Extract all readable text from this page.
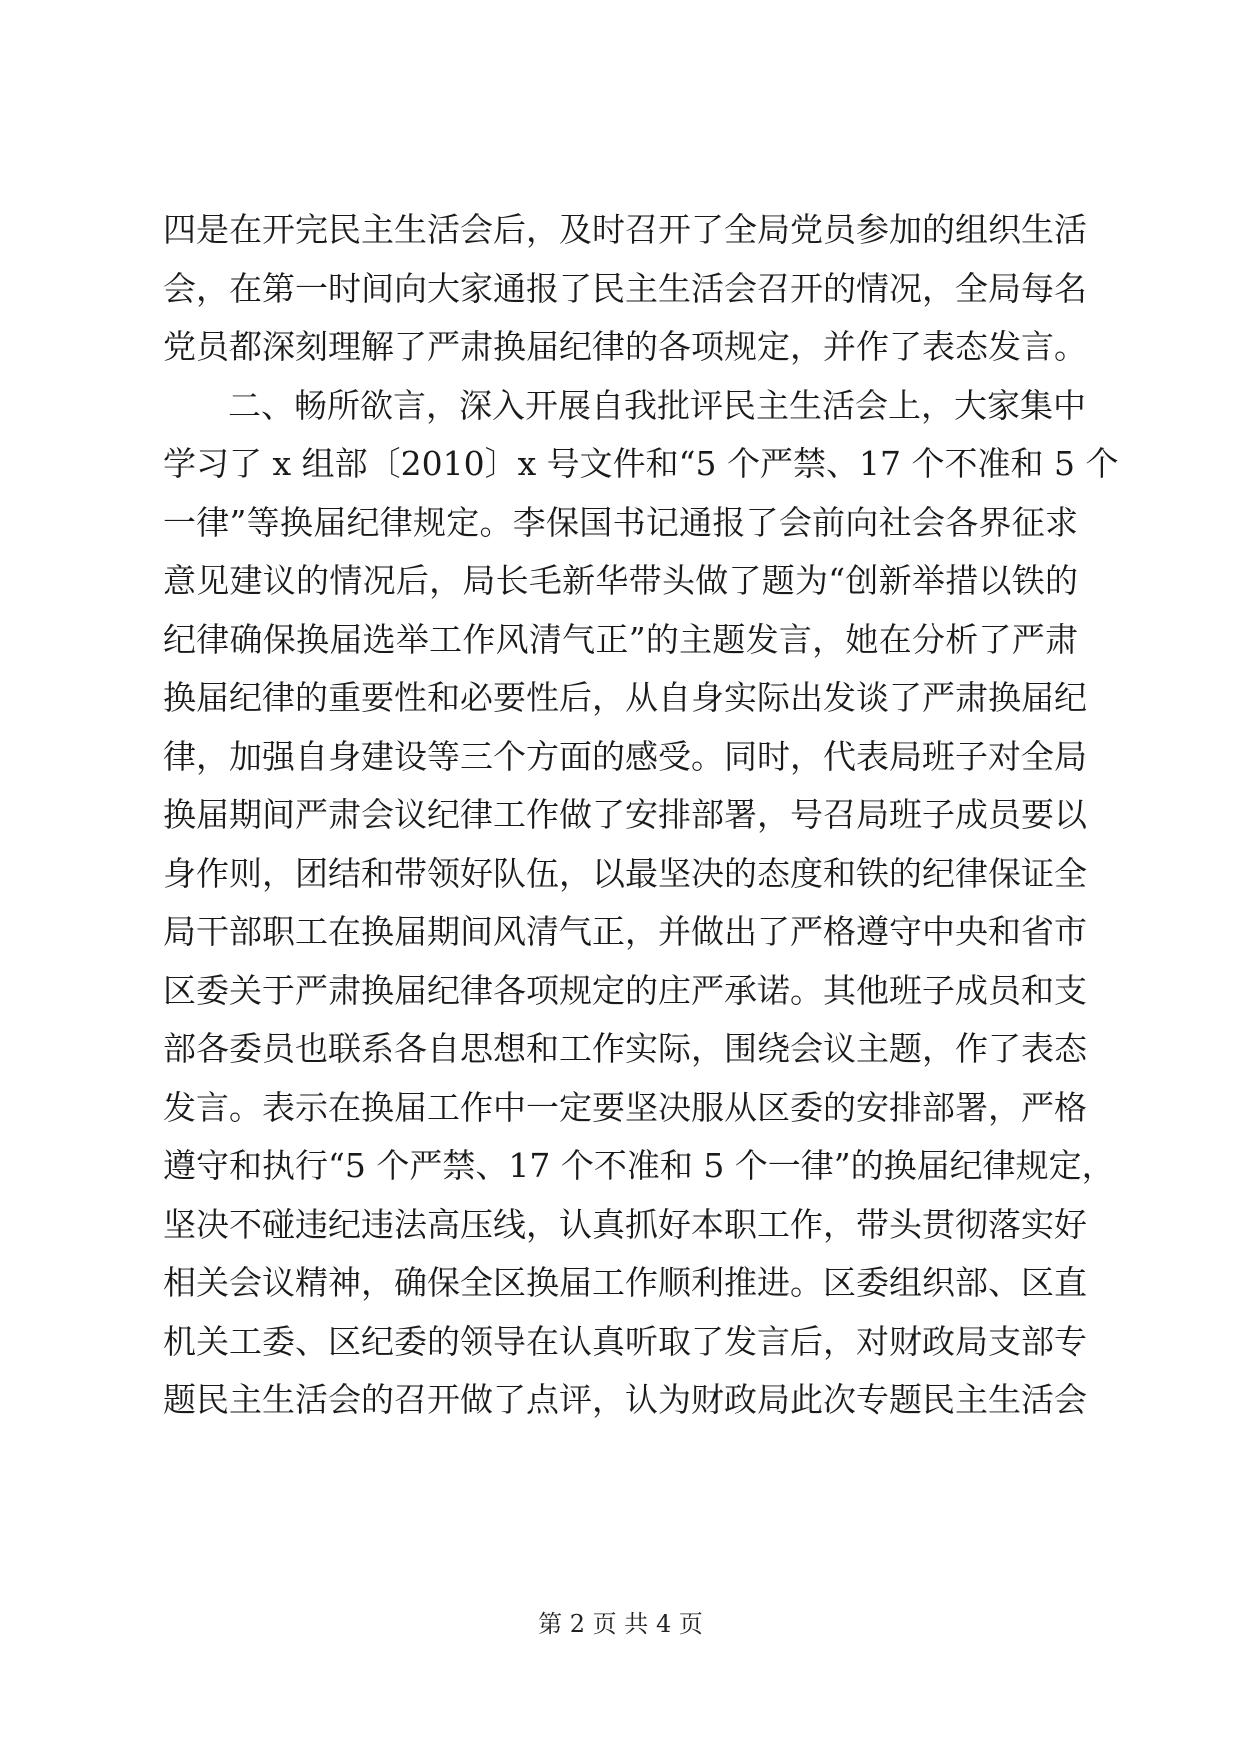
四是在开完民主生活会后，及时召开了全局党员参加的组织生活
会，在第一时间向大家通报了民主生活会召开的情况，全局每名
党员都深刻理解了严肃换届纪律的各项规定，并作了表态发言。
二、畅所欲言，深入开展自我批评民主生活会上，大家集中
学习了 x 组部〔2010〕x 号文件和“5 个严禁、17 个不准和 5 个
一律”等换届纪律规定。李保国书记通报了会前向社会各界征求
意见建议的情况后，局长毛新华带头做了题为“创新举措以铁的
纪律确保换届选举工作风清气正”的主题发言，她在分析了严肃
换届纪律的重要性和必要性后，从自身实际出发谈了严肃换届纪
律，加强自身建设等三个方面的感受。同时，代表局班子对全局
换届期间严肃会议纪律工作做了安排部署，号召局班子成员要以
身作则，团结和带领好队伍，以最坚决的态度和铁的纪律保证全
局干部职工在换届期间风清气正，并做出了严格遵守中央和省市
区委关于严肃换届纪律各项规定的庄严承诺。其他班子成员和支
部各委员也联系各自思想和工作实际，围绕会议主题，作了表态
发言。表示在换届工作中一定要坚决服从区委的安排部署，严格
遵守和执行“5 个严禁、17 个不准和 5 个一律”的换届纪律规定，
坚决不碰违纪违法高压线，认真抓好本职工作，带头贯彻落实好
相关会议精神，确保全区换届工作顺利推进。区委组织部、区直
机关工委、区纪委的领导在认真听取了发言后，对财政局支部专
题民主生活会的召开做了点评，认为财政局此次专题民主生活会
第 2 页 共 4 页
